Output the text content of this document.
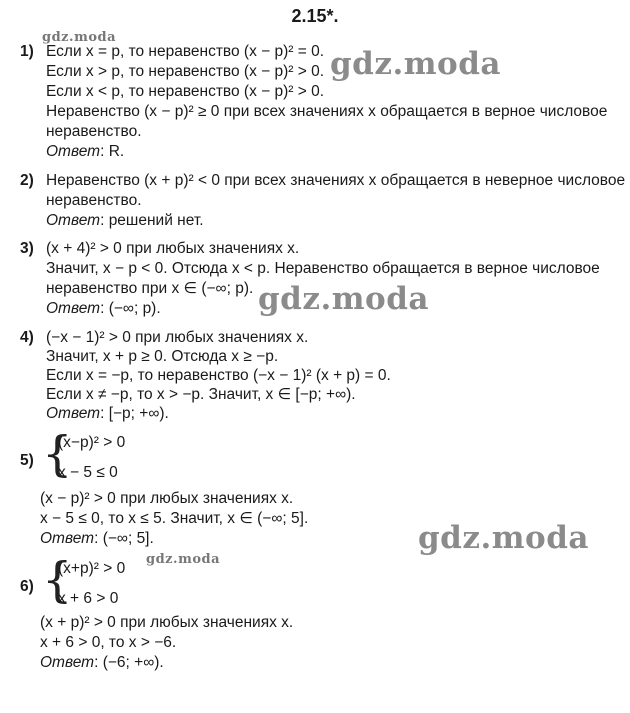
2.15*.
1) Если x = p, то неравенство (x − p)² = 0.
Если x > p, то неравенство (x − p)² > 0.
Если x < p, то неравенство (x − p)² > 0.
Неравенство (x − p)² ≥ 0 при всех значениях x обращается в верное числовое
неравенство.
Ответ: R.
2) Неравенство (x + p)² < 0 при всех значениях x обращается в неверное числовое
неравенство.
Ответ: решений нет.
3) (x + 4)² > 0 при любых значениях x.
Значит, x − p < 0. Отсюда x < p. Неравенство обращается в верное числовое
неравенство при x ∈ (−∞; p).
Ответ: (−∞; p).
4) (−x − 1)² > 0 при любых значениях x.
Значит, x + p ≥ 0. Отсюда x ≥ −p.
Если x = −p, то неравенство (−x − 1)² (x + p) = 0.
Если x ≠ −p, то x > −p. Значит, x ∈ [−p; +∞).
Ответ: [−p; +∞).
5) {
(x−p)² > 0
x − 5 ≤ 0
(x − p)² > 0 при любых значениях x.
x − 5 ≤ 0, то x ≤ 5. Значит, x ∈ (−∞; 5].
Ответ: (−∞; 5].
6) {
(x+p)² > 0
x + 6 > 0
(x + p)² > 0 при любых значениях x.
x + 6 > 0, то x > −6.
Ответ: (−6; +∞).
gdz.moda
gdz.moda
gdz.moda
gdz.moda
gdz.moda
